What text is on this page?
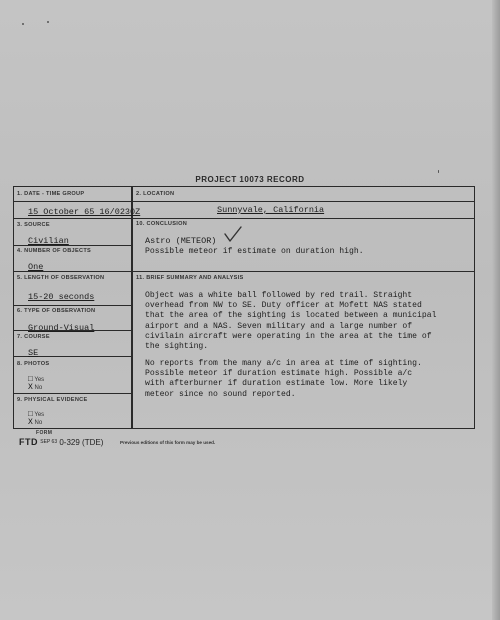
PROJECT 10073 RECORD
1. DATE - TIME GROUP
15 October 65 16/0230Z
2. LOCATION
Sunnyvale, California
3. SOURCE
Civilian
10. CONCLUSION
Astro (METEOR)
Possible meteor if estimate on duration high.
4. NUMBER OF OBJECTS
One
5. LENGTH OF OBSERVATION
15-20 seconds
11. BRIEF SUMMARY AND ANALYSIS
Object was a white ball followed by red trail. Straight
overhead from NW to SE. Duty officer at Mofett NAS stated
that the area of the sighting is located between a municipal
airport and a NAS. Seven military and a large number of
civilain aircraft were operating in the area at the time of
the sighting.
No reports from the many a/c in area at time of sighting.
Possible meteor if duration estimate high. Possible a/c
with afterburner if duration estimate low. More likely
meteor since no sound reported.
6. TYPE OF OBSERVATION
Ground-Visual
7. COURSE
SE
8. PHOTOS
□ Yes
X No
9. PHYSICAL EVIDENCE
□ Yes
X No
FORM
FTD $^{SEP 63}$ 0-329 (TDE)	Previous editions of this form may be used.
